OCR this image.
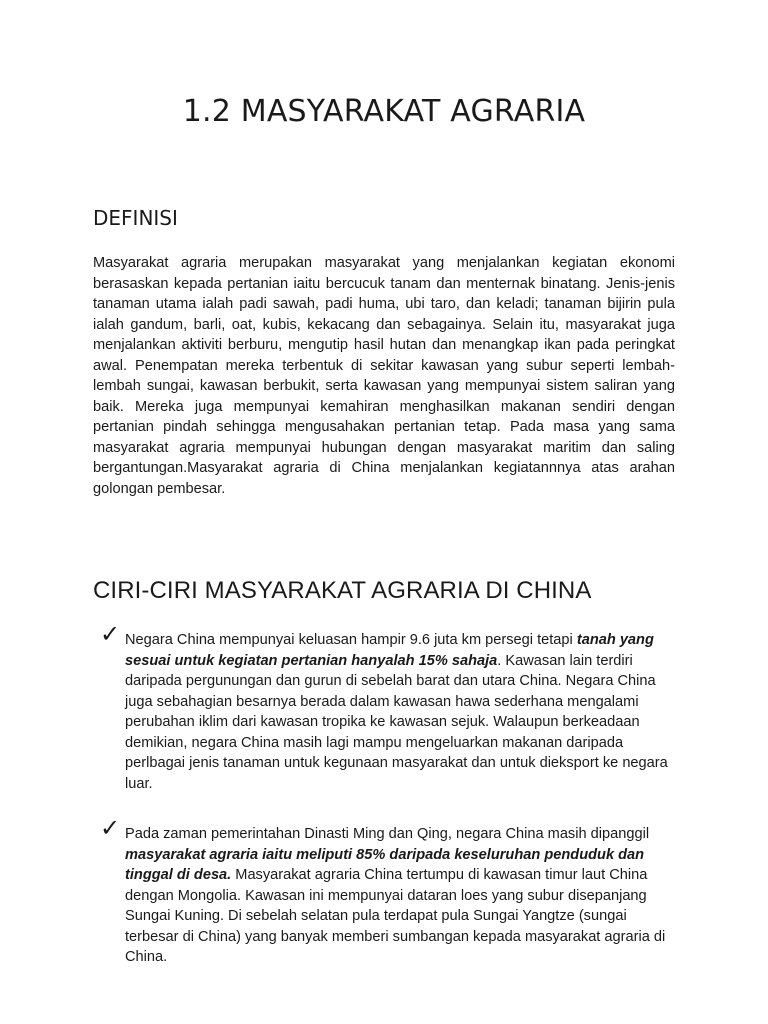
1.2 MASYARAKAT AGRARIA
DEFINISI

Masyarakat agraria merupakan masyarakat yang menjalankan kegiatan ekonomi berasaskan kepada pertanian iaitu bercucuk tanam dan menternak binatang. Jenis-jenis tanaman utama ialah padi sawah, padi huma, ubi taro, dan keladi; tanaman bijirin pula ialah gandum, barli, oat, kubis, kekacang dan sebagainya. Selain itu, masyarakat juga menjalankan aktiviti berburu, mengutip hasil hutan dan menangkap ikan pada peringkat awal. Penempatan mereka terbentuk di sekitar kawasan yang subur seperti lembah-lembah sungai, kawasan berbukit, serta kawasan yang mempunyai sistem saliran yang baik. Mereka juga mempunyai kemahiran menghasilkan makanan sendiri dengan pertanian pindah sehingga mengusahakan pertanian tetap. Pada masa yang sama masyarakat agraria mempunyai hubungan dengan masyarakat maritim dan saling bergantungan.Masyarakat agraria di China menjalankan kegiatannnya atas arahan golongan pembesar.

CIRI-CIRI MASYARAKAT AGRARIA DI CHINA
✓ Negara China mempunyai keluasan hampir 9.6 juta km persegi tetapi tanah yang sesuai untuk kegiatan pertanian hanyalah 15% sahaja. Kawasan lain terdiri daripada pergunungan dan gurun di sebelah barat dan utara China. Negara China juga sebahagian besarnya berada dalam kawasan hawa sederhana mengalami perubahan iklim dari kawasan tropika ke kawasan sejuk. Walaupun berkeadaan demikian, negara China masih lagi mampu mengeluarkan makanan daripada perlbagai jenis tanaman untuk kegunaan masyarakat dan untuk dieksport ke negara luar.

✓ Pada zaman pemerintahan Dinasti Ming dan Qing, negara China masih dipanggil masyarakat agraria iaitu meliputi 85% daripada keseluruhan penduduk dan tinggal di desa. Masyarakat agraria China tertumpu di kawasan timur laut China dengan Mongolia. Kawasan ini mempunyai dataran loes yang subur disepanjang Sungai Kuning. Di sebelah selatan pula terdapat pula Sungai Yangtze (sungai terbesar di China) yang banyak memberi sumbangan kepada masyarakat agraria di China.
